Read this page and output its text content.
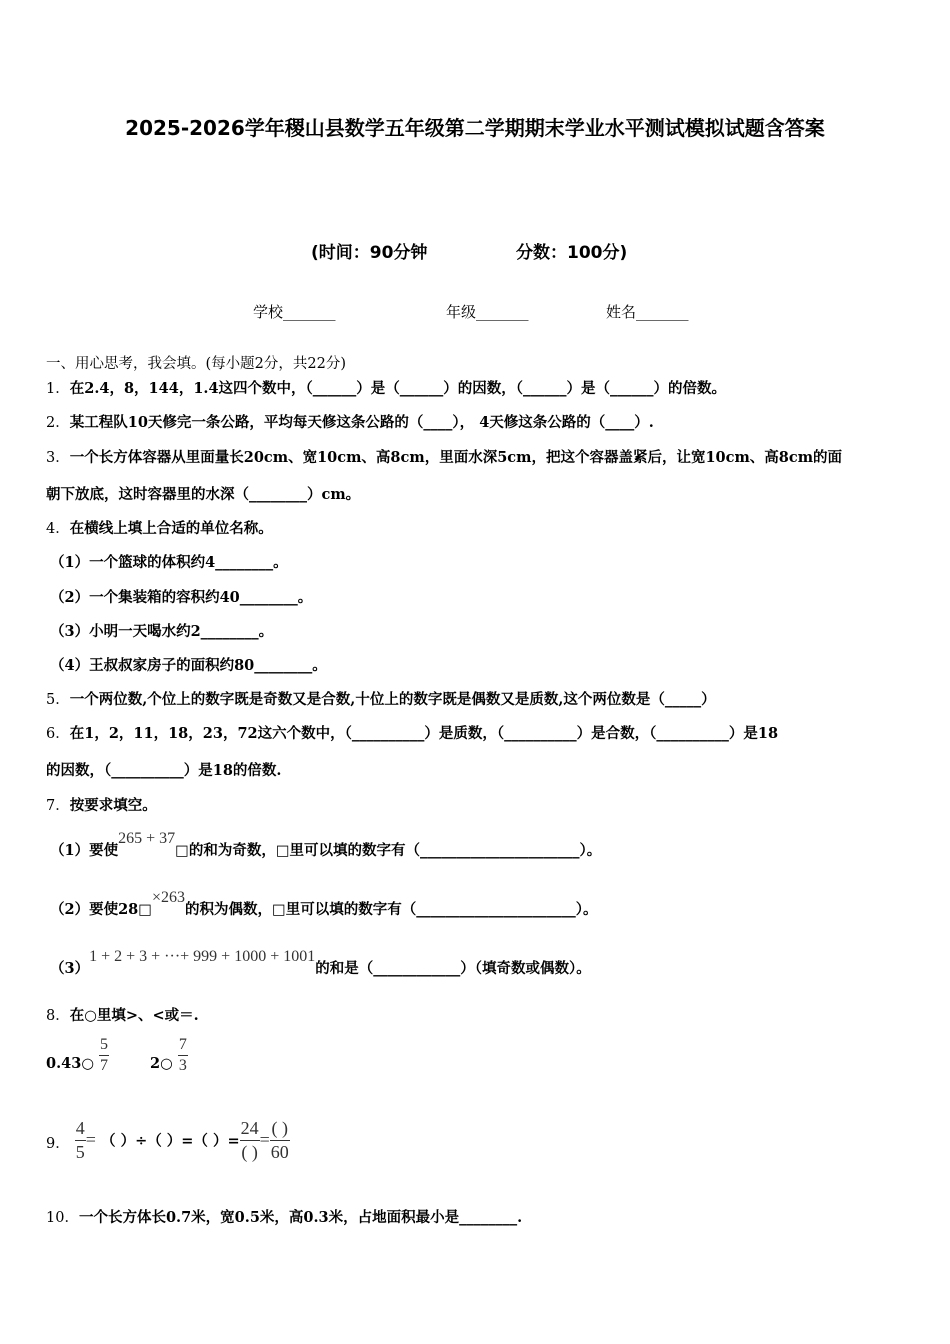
2025-2026学年稷山县数学五年级第二学期期末学业水平测试模拟试题含答案
(时间：90分钟	分数：100分)
学校_______	年级_______	姓名_______
一、用心思考，我会填。(每小题2分，共22分)
1．在2.4，8，144，1.4这四个数中，（______）是（______）的因数，（______）是（______）的倍数。
2．某工程队10天修完一条公路，平均每天修这条公路的（____）， 4天修这条公路的（____）.
3．一个长方体容器从里面量长20cm、宽10cm、高8cm，里面水深5cm，把这个容器盖紧后，让宽10cm、高8cm的面
朝下放底，这时容器里的水深（________）cm。
4．在横线上填上合适的单位名称。
（1）一个篮球的体积约4________。
（2）一个集装箱的容积约40________。
（3）小明一天喝水约2________。
（4）王叔叔家房子的面积约80________。
5．一个两位数,个位上的数字既是奇数又是合数,十位上的数字既是偶数又是质数,这个两位数是（_____）
6．在1，2，11，18，23，72这六个数中，（__________）是质数，（__________）是合数，（__________）是18
的因数，（__________）是18的倍数.
7．按要求填空。
（1）要使265 + 37□的和为奇数，□里可以填的数字有（______________________）。
（2）要使28□×263的积为偶数，□里可以填的数字有（______________________）。
（3）1 + 2 + 3 + ···+ 999 + 1000 + 1001的和是（____________）（填奇数或偶数）。
8．在○里填>、<或＝.
0.43○ $\frac{5}{7}$	2○ $\frac{7}{3}$
9． $\frac{4}{5}$ = （ ）÷（ ）=（ ）= $\frac{24}{( )} = \frac{( )}{60}$
10．一个长方体长0.7米，宽0.5米，高0.3米，占地面积最小是________.
